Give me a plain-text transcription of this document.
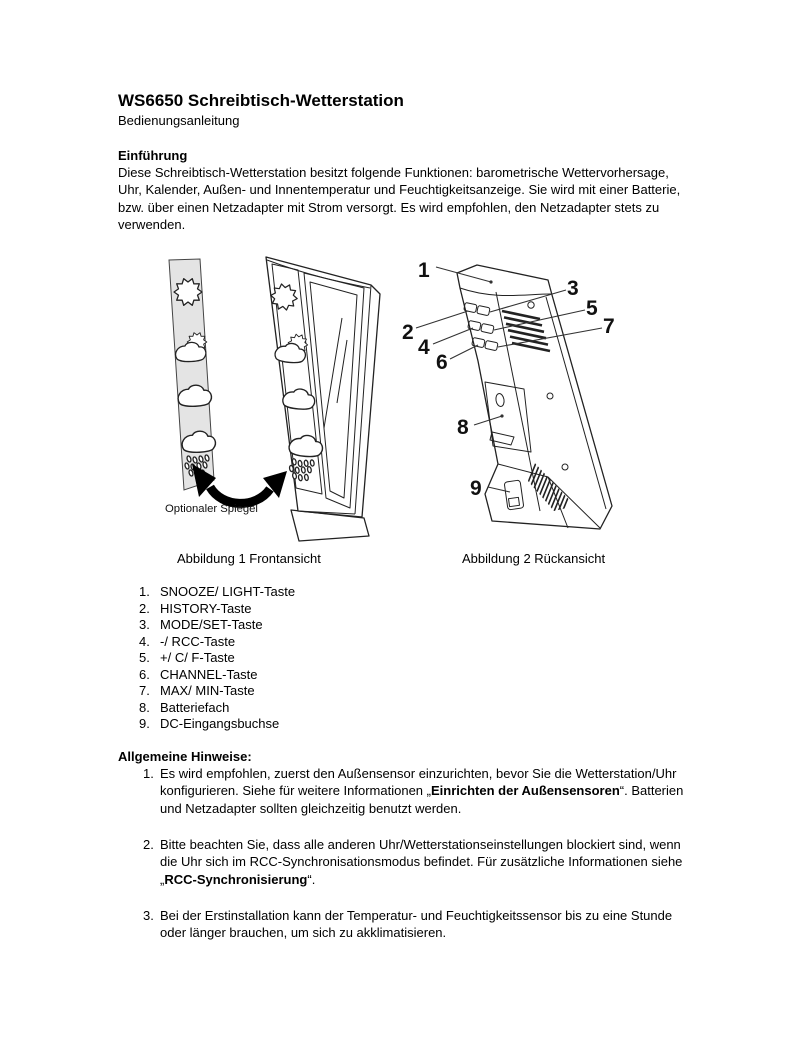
WS6650 Schreibtisch-Wetterstation
Bedienungsanleitung
Einführung
Diese Schreibtisch-Wetterstation besitzt folgende Funktionen: barometrische Wettervorhersage, Uhr, Kalender, Außen- und Innentemperatur und Feuchtigkeitsanzeige. Sie wird mit einer Batterie, bzw. über einen Netzadapter mit Strom versorgt. Es wird empfohlen, den Netzadapter stets zu verwenden.
Optionaler Spiegel
1
2
3
4
5
6
7
8
9
Abbildung 1 Frontansicht	Abbildung 2 Rückansicht
1. SNOOZE/ LIGHT-Taste
2. HISTORY-Taste
3. MODE/SET-Taste
4. -/ RCC-Taste
5. +/ C/ F-Taste
6. CHANNEL-Taste
7. MAX/ MIN-Taste
8. Batteriefach
9. DC-Eingangsbuchse
Allgemeine Hinweise:
1. Es wird empfohlen, zuerst den Außensensor einzurichten, bevor Sie die Wetterstation/Uhr konfigurieren. Siehe für weitere Informationen „Einrichten der Außensensoren“. Batterien und Netzadapter sollten gleichzeitig benutzt werden.
2. Bitte beachten Sie, dass alle anderen Uhr/Wetterstationseinstellungen blockiert sind, wenn die Uhr sich im RCC-Synchronisationsmodus befindet. Für zusätzliche Informationen siehe „RCC-Synchronisierung“.
3. Bei der Erstinstallation kann der Temperatur- und Feuchtigkeitssensor bis zu eine Stunde oder länger brauchen, um sich zu akklimatisieren.
